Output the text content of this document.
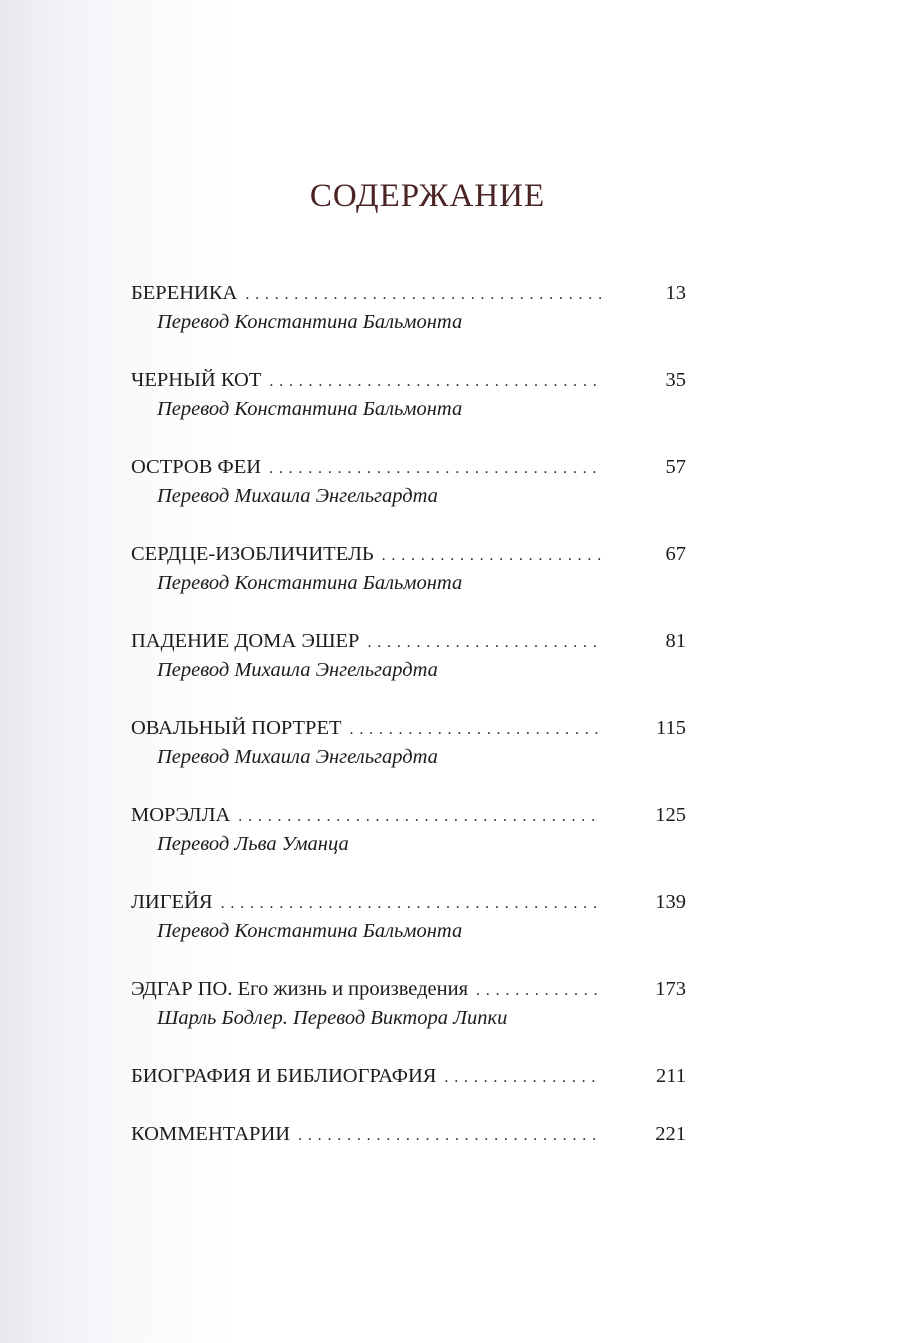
СОДЕРЖАНИЕ
БЕРЕНИКА . . .	13
Перевод Константина Бальмонта
ЧЕРНЫЙ КОТ . . .	35
Перевод Константина Бальмонта
ОСТРОВ ФЕИ . . .	57
Перевод Михаила Энгельгардта
СЕРДЦЕ-ИЗОБЛИЧИТЕЛЬ . . .	67
Перевод Константина Бальмонта
ПАДЕНИЕ ДОМА ЭШЕР . . .	81
Перевод Михаила Энгельгардта
ОВАЛЬНЫЙ ПОРТРЕТ . . .	115
Перевод Михаила Энгельгардта
МОРЭЛЛА . . .	125
Перевод Льва Уманца
ЛИГЕЙЯ . . .	139
Перевод Константина Бальмонта
ЭДГАР ПО. Его жизнь и произведения . . .	173
Шарль Бодлер. Перевод Виктора Липки
БИОГРАФИЯ И БИБЛИОГРАФИЯ . . .	211
КОММЕНТАРИИ . . .	221
